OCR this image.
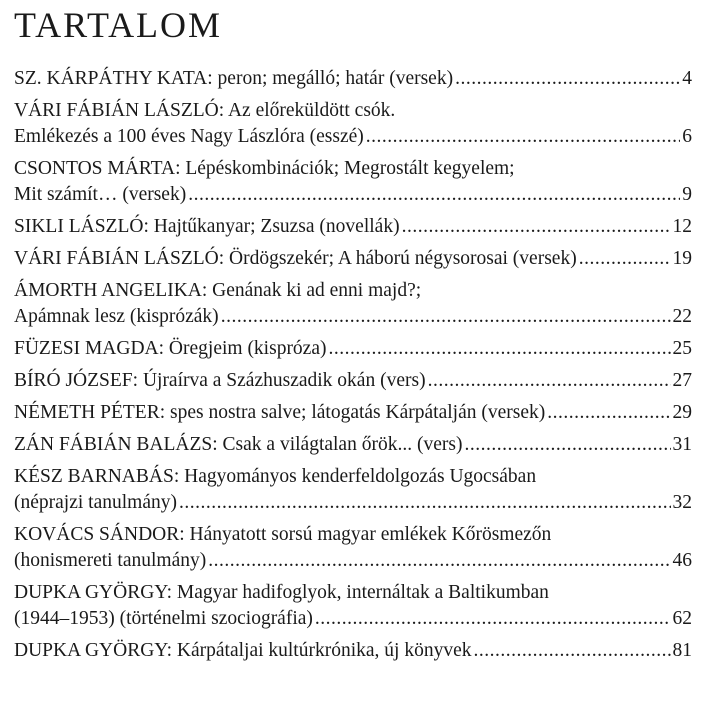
TARTALOM
SZ. KÁRPÁTHY KATA: peron; megálló; határ (versek) .....	4
VÁRI FÁBIÁN LÁSZLÓ: Az előreküldött csók.
Emlékezés a 100 éves Nagy Lászlóra (esszé) .....	6
CSONTOS MÁRTA: Lépéskombinációk; Megrostált kegyelem;
Mit számít… (versek) .....	9
SIKLI LÁSZLÓ: Hajtűkanyar; Zsuzsa (novellák) .....	12
VÁRI FÁBIÁN LÁSZLÓ: Ördögszekér; A háború négysorosai (versek) .....	19
ÁMORTH ANGELIKA: Genának ki ad enni majd?;
Apámnak lesz (kisprózák) .....	22
FÜZESI MAGDA: Öregjeim (kispróza) .....	25
BÍRÓ JÓZSEF: Újraírva a Százhuszadik okán (vers) .....	27
NÉMETH PÉTER: spes nostra salve; látogatás Kárpátalján (versek) .....	29
ZÁN FÁBIÁN BALÁZS: Csak a világtalan őrök... (vers) .....	31
KÉSZ BARNABÁS: Hagyományos kenderfeldolgozás Ugocsában
(néprajzi tanulmány) .....	32
KOVÁCS SÁNDOR: Hányatott sorsú magyar emlékek Kőrösmezőn
(honismereti tanulmány) .....	46
DUPKA GYÖRGY: Magyar hadifoglyok, internáltak a Baltikumban
(1944–1953) (történelmi szociográfia) .....	62
DUPKA GYÖRGY: Kárpátaljai kultúrkrónika, új könyvek .....	81
